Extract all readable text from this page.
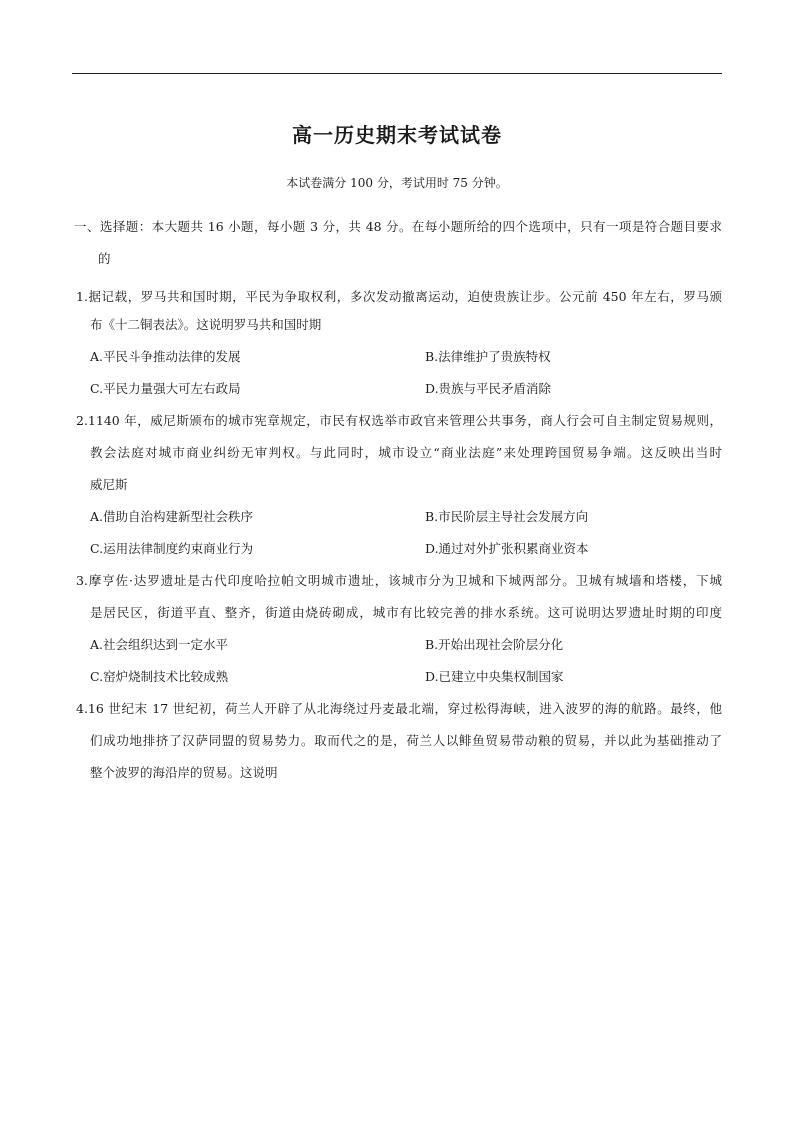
高一历史期末考试试卷
本试卷满分 100 分，考试用时 75 分钟。
一、选择题：本大题共 16 小题，每小题 3 分，共 48 分。在每小题所给的四个选项中，只有一项是符合题目要求
的
1.据记载，罗马共和国时期，平民为争取权利，多次发动撤离运动，迫使贵族让步。公元前 450 年左右，罗马颁
布《十二铜表法》。这说明罗马共和国时期
A.平民斗争推动法律的发展	B.法律维护了贵族特权
C.平民力量强大可左右政局	D.贵族与平民矛盾消除
2.1140 年，威尼斯颁布的城市宪章规定，市民有权选举市政官来管理公共事务，商人行会可自主制定贸易规则，
教会法庭对城市商业纠纷无审判权。与此同时，城市设立“商业法庭”来处理跨国贸易争端。这反映出当时
威尼斯
A.借助自治构建新型社会秩序	B.市民阶层主导社会发展方向
C.运用法律制度约束商业行为	D.通过对外扩张积累商业资本
3.摩亨佐·达罗遗址是古代印度哈拉帕文明城市遗址，该城市分为卫城和下城两部分。卫城有城墙和塔楼，下城
是居民区，街道平直、整齐，街道由烧砖砌成，城市有比较完善的排水系统。这可说明达罗遗址时期的印度
A.社会组织达到一定水平	B.开始出现社会阶层分化
C.窑炉烧制技术比较成熟	D.已建立中央集权制国家
4.16 世纪末 17 世纪初，荷兰人开辟了从北海绕过丹麦最北端，穿过松得海峡，进入波罗的海的航路。最终，他
们成功地排挤了汉萨同盟的贸易势力。取而代之的是，荷兰人以鲱鱼贸易带动粮的贸易，并以此为基础推动了
整个波罗的海沿岸的贸易。这说明
